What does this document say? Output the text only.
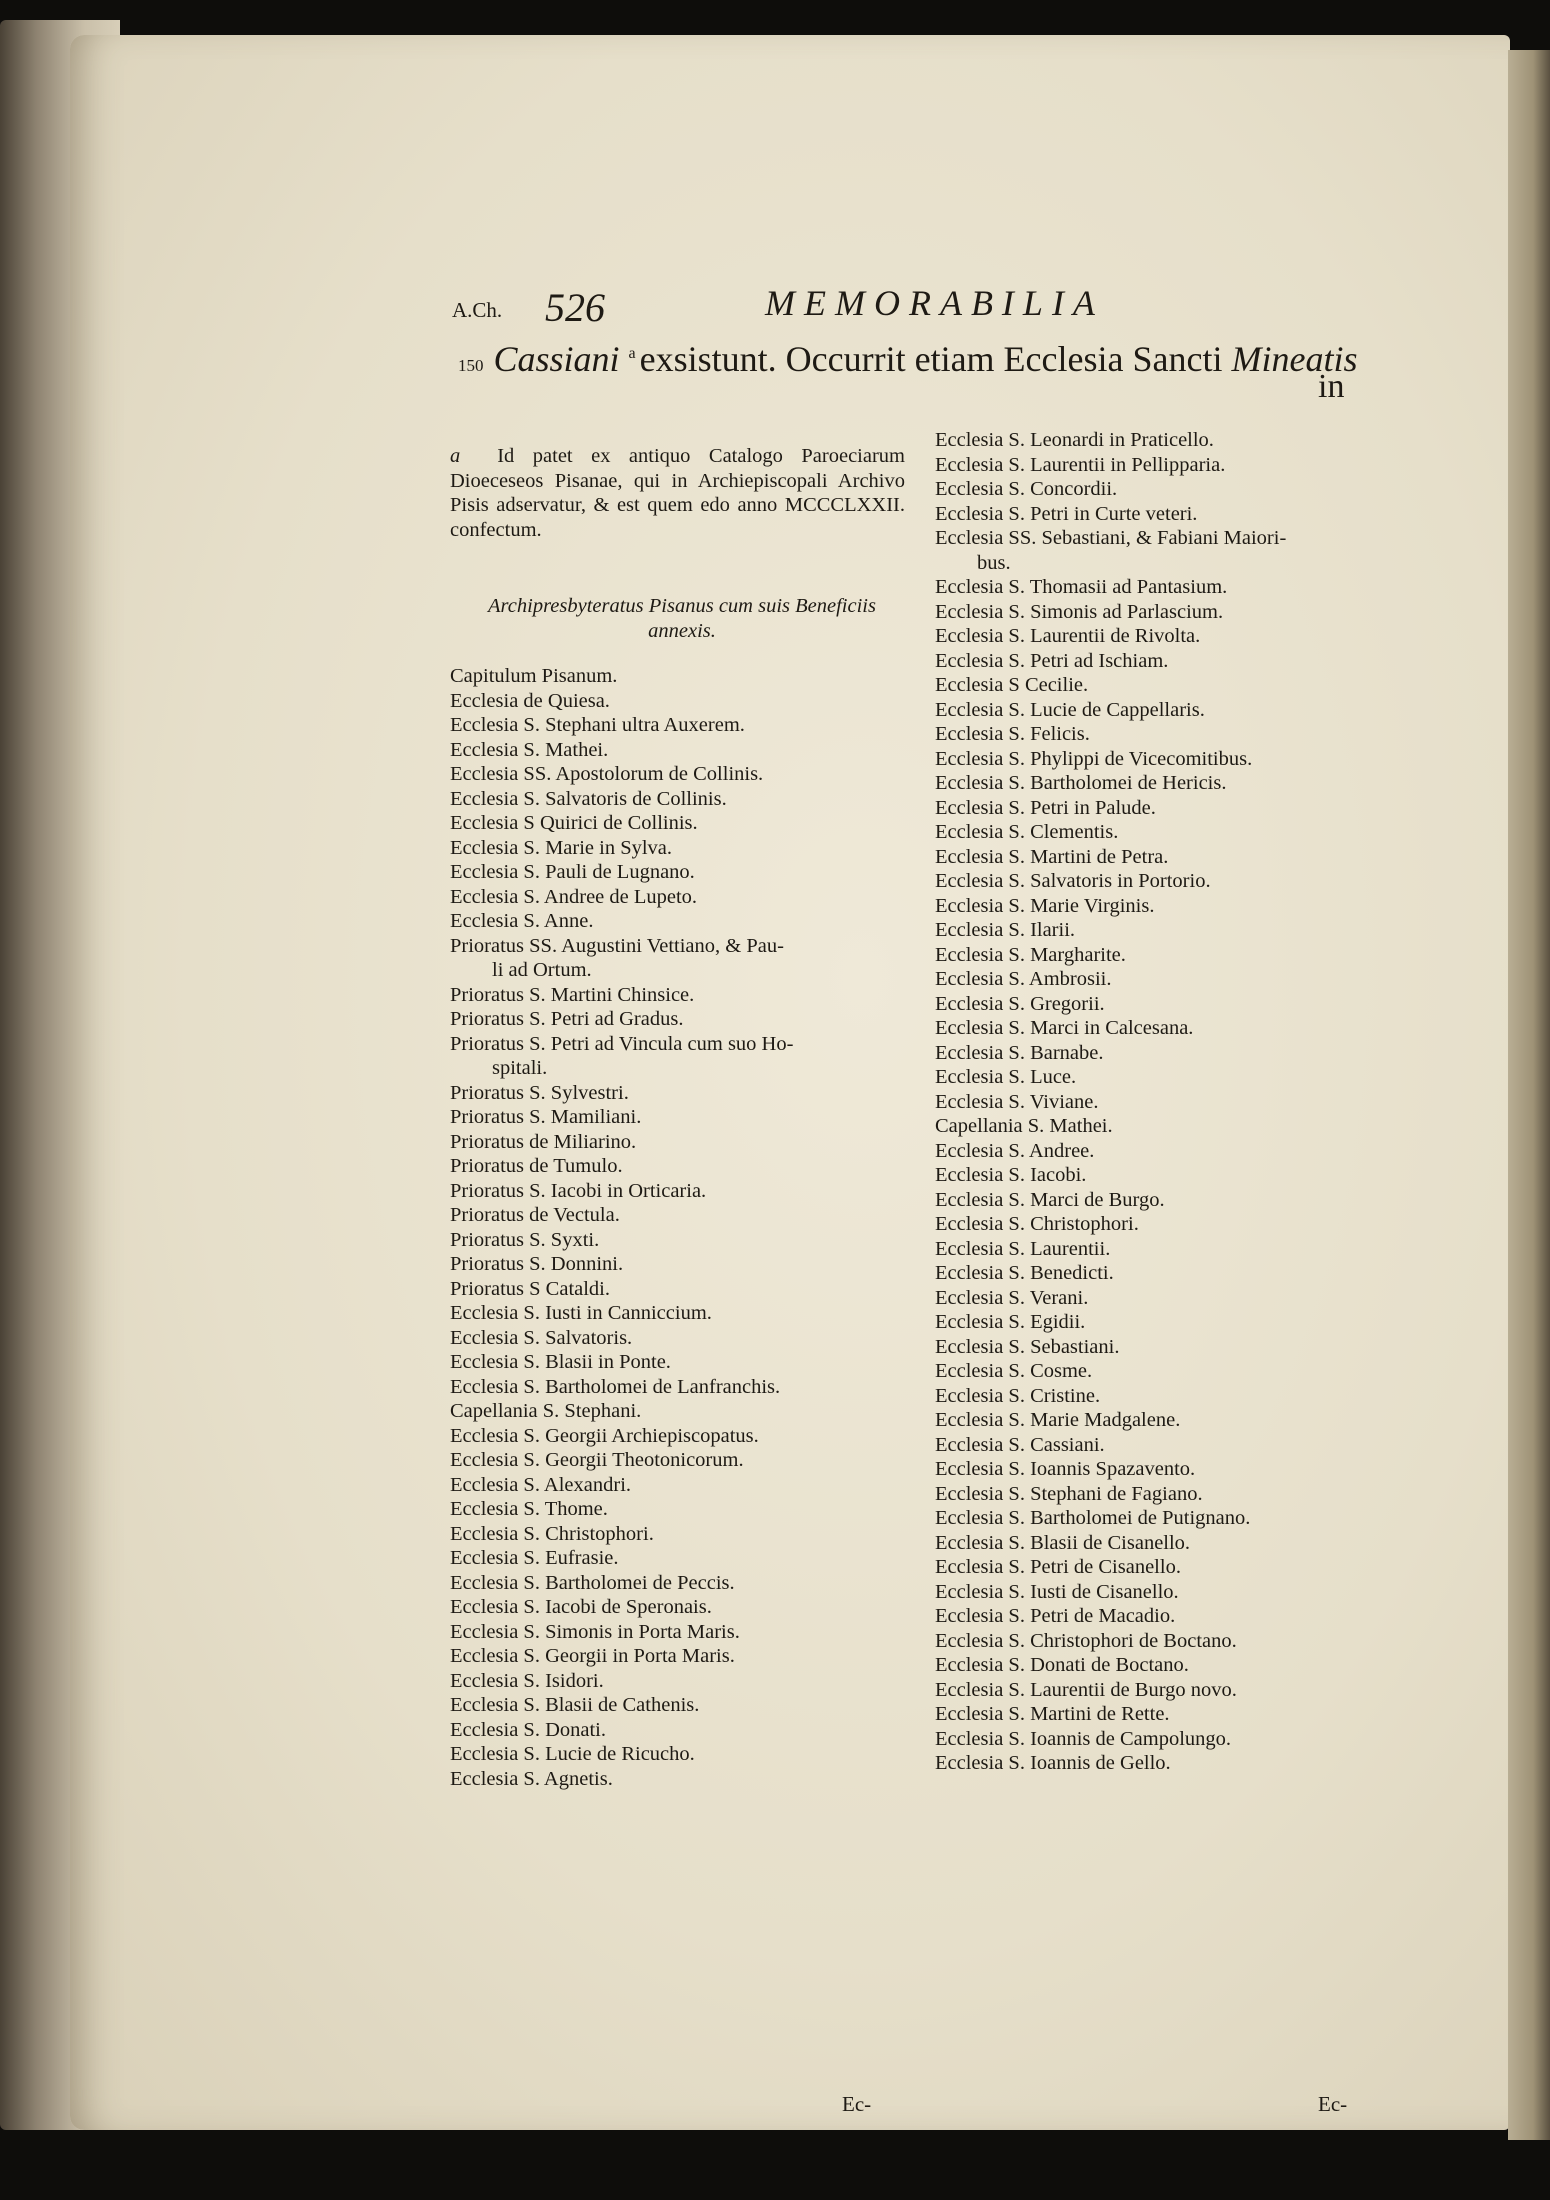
A.Ch. 526	MEMORABILIA
150 Cassiani $^a$ exsistunt. Occurrit etiam Ecclesia Sancti Mineatis
in

a Id patet ex antiquo Catalogo Paroeciarum Dioeceseos Pisanae, qui in Archiepiscopali Archivo Pisis adservatur, & est quem edo anno MCCCLXXII. confectum.

Archipresbyteratus Pisanus cum suis Beneficiis annexis.
Capitulum Pisanum.
Ecclesia de Quiesa.
Ecclesia S. Stephani ultra Auxerem.
Ecclesia S. Mathei.
Ecclesia SS. Apostolorum de Collinis.
Ecclesia S. Salvatoris de Collinis.
Ecclesia S Quirici de Collinis.
Ecclesia S. Marie in Sylva.
Ecclesia S. Pauli de Lugnano.
Ecclesia S. Andree de Lupeto.
Ecclesia S. Anne.
Prioratus SS. Augustini Vettiano, & Pau-
li ad Ortum.
Prioratus S. Martini Chinsice.
Prioratus S. Petri ad Gradus.
Prioratus S. Petri ad Vincula cum suo Ho-
spitali.
Prioratus S. Sylvestri.
Prioratus S. Mamiliani.
Prioratus de Miliarino.
Prioratus de Tumulo.
Prioratus S. Iacobi in Orticaria.
Prioratus de Vectula.
Prioratus S. Syxti.
Prioratus S. Donnini.
Prioratus S Cataldi.
Ecclesia S. Iusti in Canniccium.
Ecclesia S. Salvatoris.
Ecclesia S. Blasii in Ponte.
Ecclesia S. Bartholomei de Lanfranchis.
Capellania S. Stephani.
Ecclesia S. Georgii Archiepiscopatus.
Ecclesia S. Georgii Theotonicorum.
Ecclesia S. Alexandri.
Ecclesia S. Thome.
Ecclesia S. Christophori.
Ecclesia S. Eufrasie.
Ecclesia S. Bartholomei de Peccis.
Ecclesia S. Iacobi de Speronais.
Ecclesia S. Simonis in Porta Maris.
Ecclesia S. Georgii in Porta Maris.
Ecclesia S. Isidori.
Ecclesia S. Blasii de Cathenis.
Ecclesia S. Donati.
Ecclesia S. Lucie de Ricucho.
Ecclesia S. Agnetis.
Ecclesia S. Leonardi in Praticello.
Ecclesia S. Laurentii in Pellipparia.
Ecclesia S. Concordii.
Ecclesia S. Petri in Curte veteri.
Ecclesia SS. Sebastiani, & Fabiani Maiori-
bus.
Ecclesia S. Thomasii ad Pantasium.
Ecclesia S. Simonis ad Parlascium.
Ecclesia S. Laurentii de Rivolta.
Ecclesia S. Petri ad Ischiam.
Ecclesia S Cecilie.
Ecclesia S. Lucie de Cappellaris.
Ecclesia S. Felicis.
Ecclesia S. Phylippi de Vicecomitibus.
Ecclesia S. Bartholomei de Hericis.
Ecclesia S. Petri in Palude.
Ecclesia S. Clementis.
Ecclesia S. Martini de Petra.
Ecclesia S. Salvatoris in Portorio.
Ecclesia S. Marie Virginis.
Ecclesia S. Ilarii.
Ecclesia S. Margharite.
Ecclesia S. Ambrosii.
Ecclesia S. Gregorii.
Ecclesia S. Marci in Calcesana.
Ecclesia S. Barnabe.
Ecclesia S. Luce.
Ecclesia S. Viviane.
Capellania S. Mathei.
Ecclesia S. Andree.
Ecclesia S. Iacobi.
Ecclesia S. Marci de Burgo.
Ecclesia S. Christophori.
Ecclesia S. Laurentii.
Ecclesia S. Benedicti.
Ecclesia S. Verani.
Ecclesia S. Egidii.
Ecclesia S. Sebastiani.
Ecclesia S. Cosme.
Ecclesia S. Cristine.
Ecclesia S. Marie Madgalene.
Ecclesia S. Cassiani.
Ecclesia S. Ioannis Spazavento.
Ecclesia S. Stephani de Fagiano.
Ecclesia S. Bartholomei de Putignano.
Ecclesia S. Blasii de Cisanello.
Ecclesia S. Petri de Cisanello.
Ecclesia S. Iusti de Cisanello.
Ecclesia S. Petri de Macadio.
Ecclesia S. Christophori de Boctano.
Ecclesia S. Donati de Boctano.
Ecclesia S. Laurentii de Burgo novo.
Ecclesia S. Martini de Rette.
Ecclesia S. Ioannis de Campolungo.
Ecclesia S. Ioannis de Gello.
Ec-	Ec-
